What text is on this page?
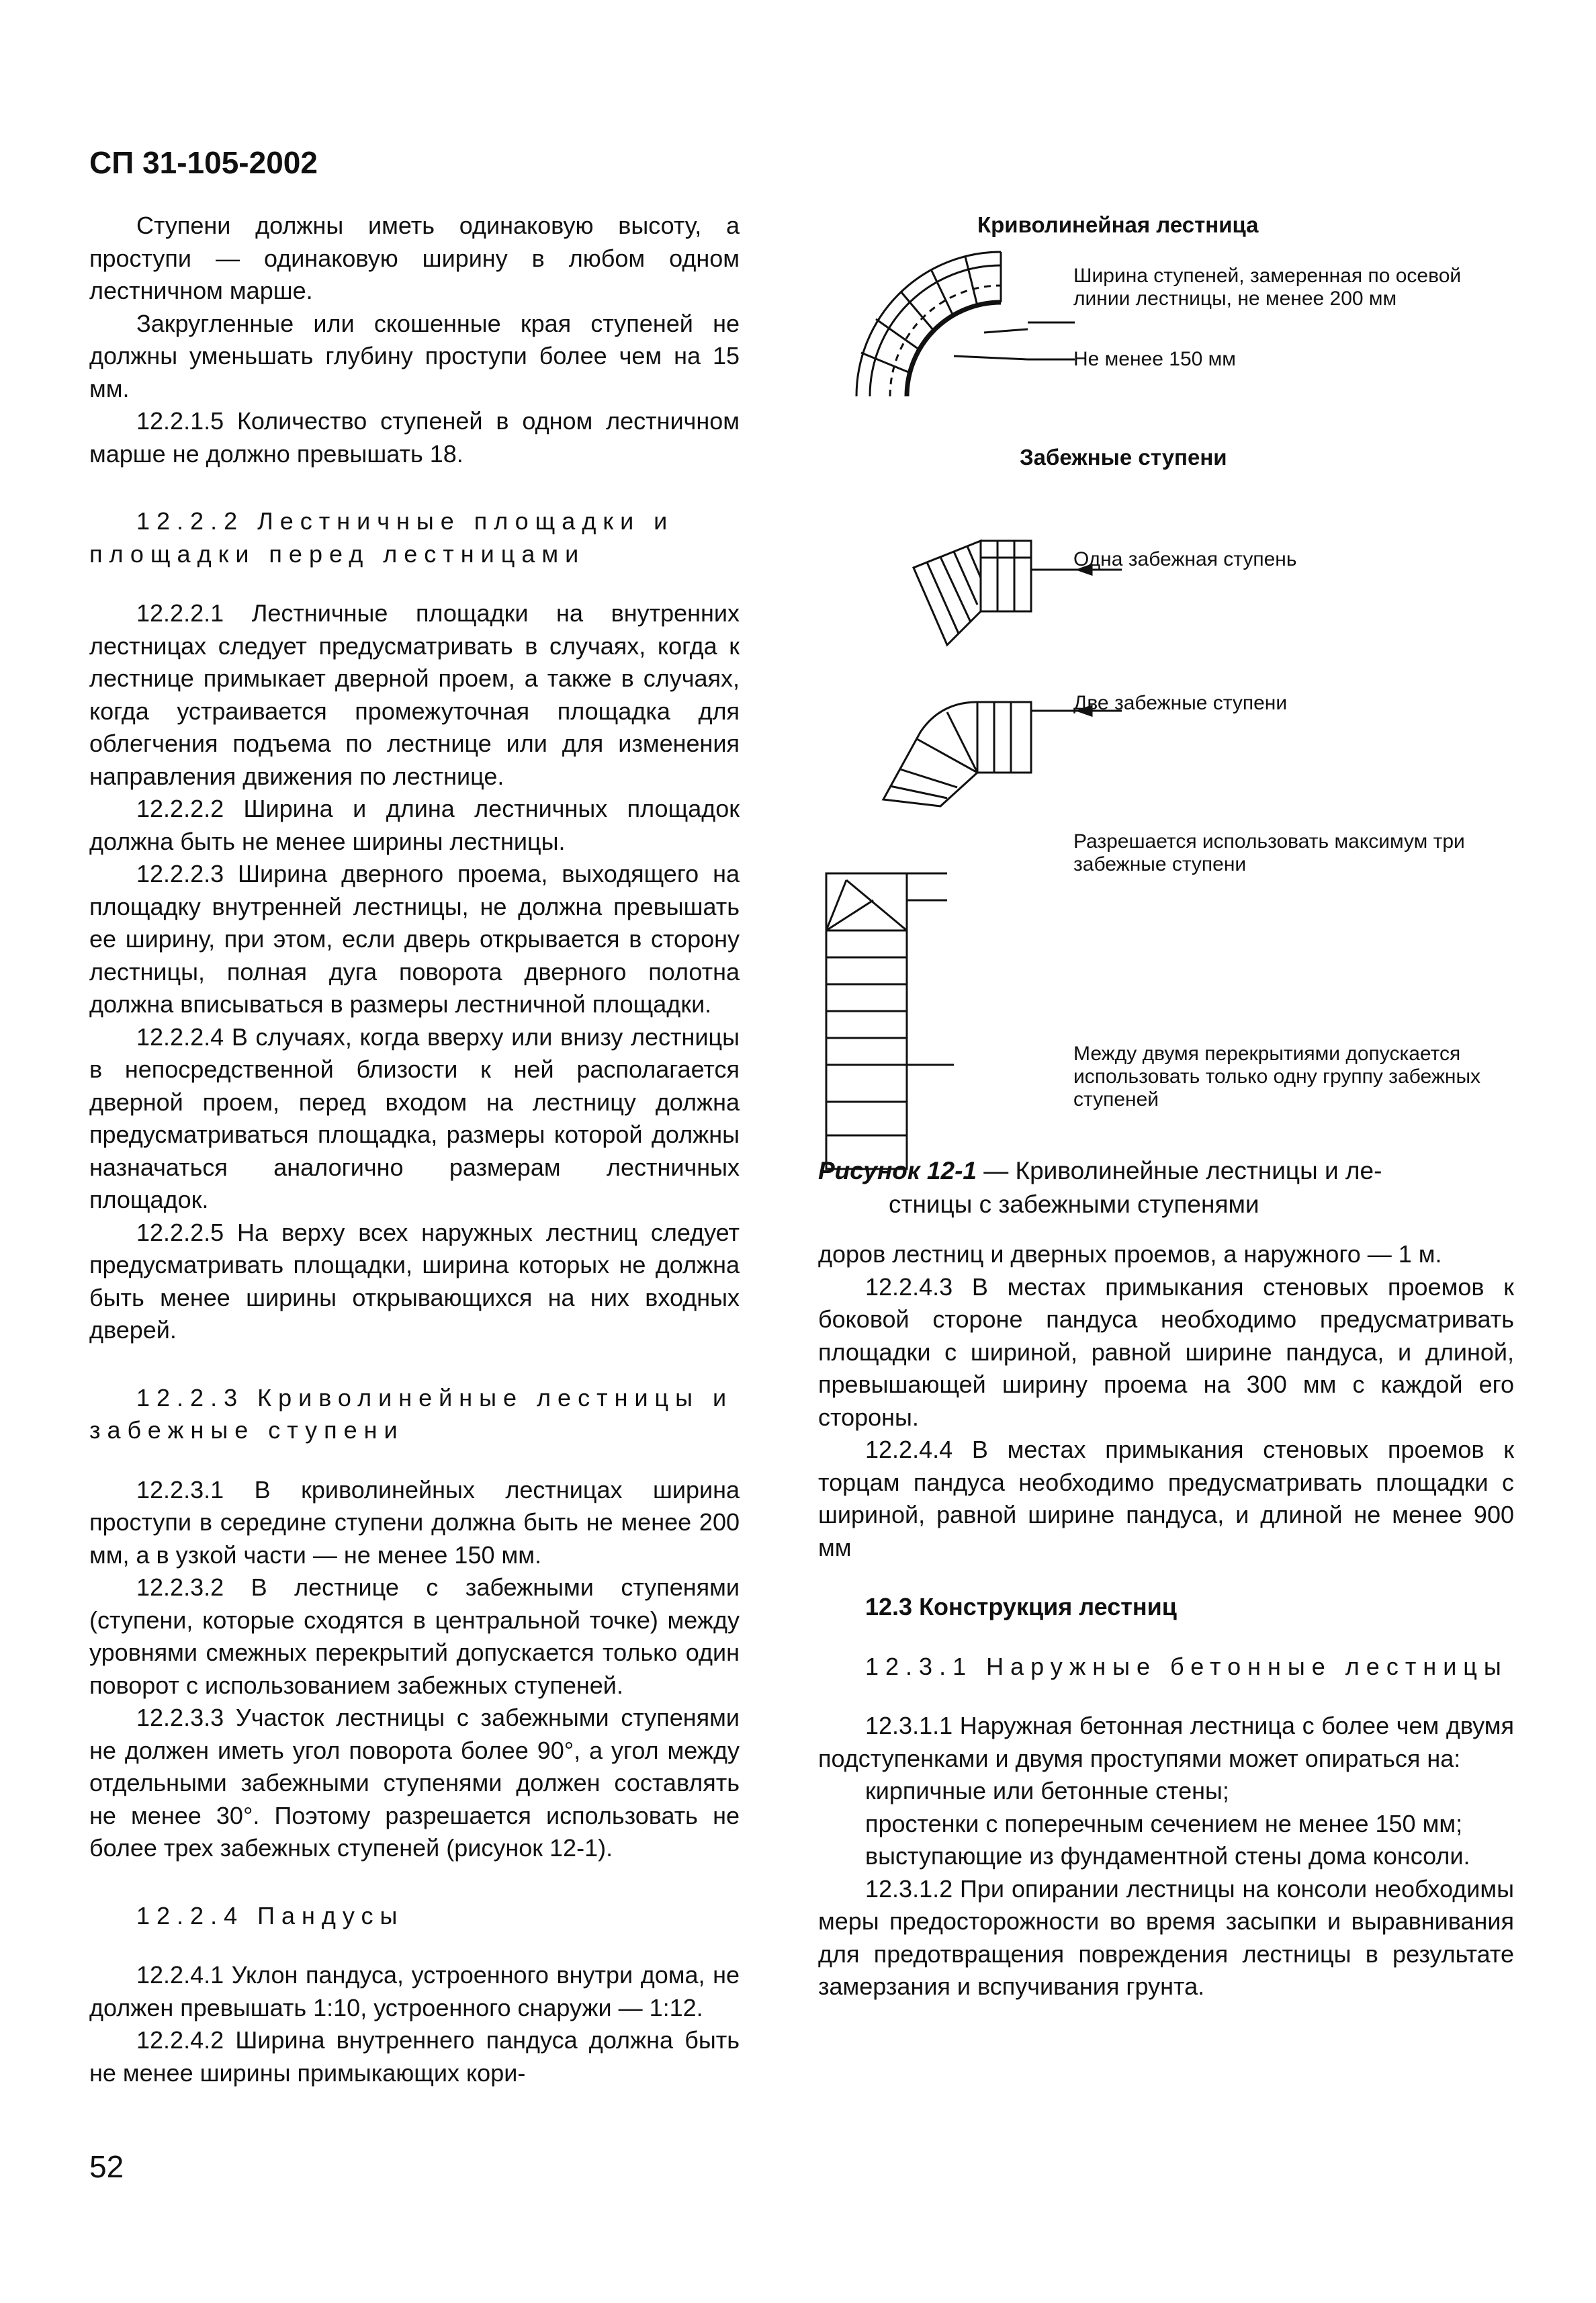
СП 31-105-2002

Ступени должны иметь одинаковую высоту, а проступи — одинаковую ширину в любом одном лестничном марше.

Закругленные или скошенные края ступеней не должны уменьшать глубину проступи более чем на 15 мм.

12.2.1.5 Количество ступеней в одном лестничном марше не должно превышать 18.

12.2.2 Лестничные площадки и площадки перед лестницами

12.2.2.1 Лестничные площадки на внутренних лестницах следует предусматривать в случаях, когда к лестнице примыкает дверной проем, а также в случаях, когда устраивается промежуточная площадка для облегчения подъема по лестнице или для изменения направления движения по лестнице.

12.2.2.2 Ширина и длина лестничных площадок должна быть не менее ширины лестницы.

12.2.2.3 Ширина дверного проема, выходящего на площадку внутренней лестницы, не должна превышать ее ширину, при этом, если дверь открывается в сторону лестницы, полная дуга поворота дверного полотна должна вписываться в размеры лестничной площадки.

12.2.2.4 В случаях, когда вверху или внизу лестницы в непосредственной близости к ней располагается дверной проем, перед входом на лестницу должна предусматриваться площадка, размеры которой должны назначаться аналогично размерам лестничных площадок.

12.2.2.5 На верху всех наружных лестниц следует предусматривать площадки, ширина которых не должна быть менее ширины открывающихся на них входных дверей.

12.2.3 Криволинейные лестницы и забежные ступени

12.2.3.1 В криволинейных лестницах ширина проступи в середине ступени должна быть не менее 200 мм, а в узкой части — не менее 150 мм.

12.2.3.2 В лестнице с забежными ступенями (ступени, которые сходятся в центральной точке) между уровнями смежных перекрытий допускается только один поворот с использованием забежных ступеней.

12.2.3.3 Участок лестницы с забежными ступенями не должен иметь угол поворота более 90°, а угол между отдельными забежными ступенями должен составлять не менее 30°. Поэтому разрешается использовать не более трех забежных ступеней (рисунок 12-1).

12.2.4 Пандусы

12.2.4.1 Уклон пандуса, устроенного внутри дома, не должен превышать 1:10, устроенного снаружи — 1:12.

12.2.4.2 Ширина внутреннего пандуса должна быть не менее ширины примыкающих кори-

Криволинейная лестница
Ширина ступеней, замеренная по осевой линии лестницы, не менее 200 мм
Не менее 150 мм
Забежные ступени
Одна забежная ступень
Две забежные ступени
Разрешается использовать максимум три забежные ступени
Между двумя перекрытиями допускается использовать только одну группу забежных ступеней
Рисунок 12-1 — Криволинейные лестницы и ле-
стницы с забежными ступенями

доров лестниц и дверных проемов, а наружного — 1 м.

12.2.4.3 В местах примыкания стеновых проемов к боковой стороне пандуса необходимо предусматривать площадки с шириной, равной ширине пандуса, и длиной, превышающей ширину проема на 300 мм с каждой его стороны.

12.2.4.4 В местах примыкания стеновых проемов к торцам пандуса необходимо предусматривать площадки с шириной, равной ширине пандуса, и длиной не менее 900 мм

12.3 Конструкция лестниц

12.3.1 Наружные бетонные лестницы

12.3.1.1 Наружная бетонная лестница с более чем двумя подступенками и двумя проступями может опираться на:

кирпичные или бетонные стены;

простенки с поперечным сечением не менее 150 мм;

выступающие из фундаментной стены дома консоли.

12.3.1.2 При опирании лестницы на консоли необходимы меры предосторожности во время засыпки и выравнивания для предотвращения повреждения лестницы в результате замерзания и вспучивания грунта.

52
